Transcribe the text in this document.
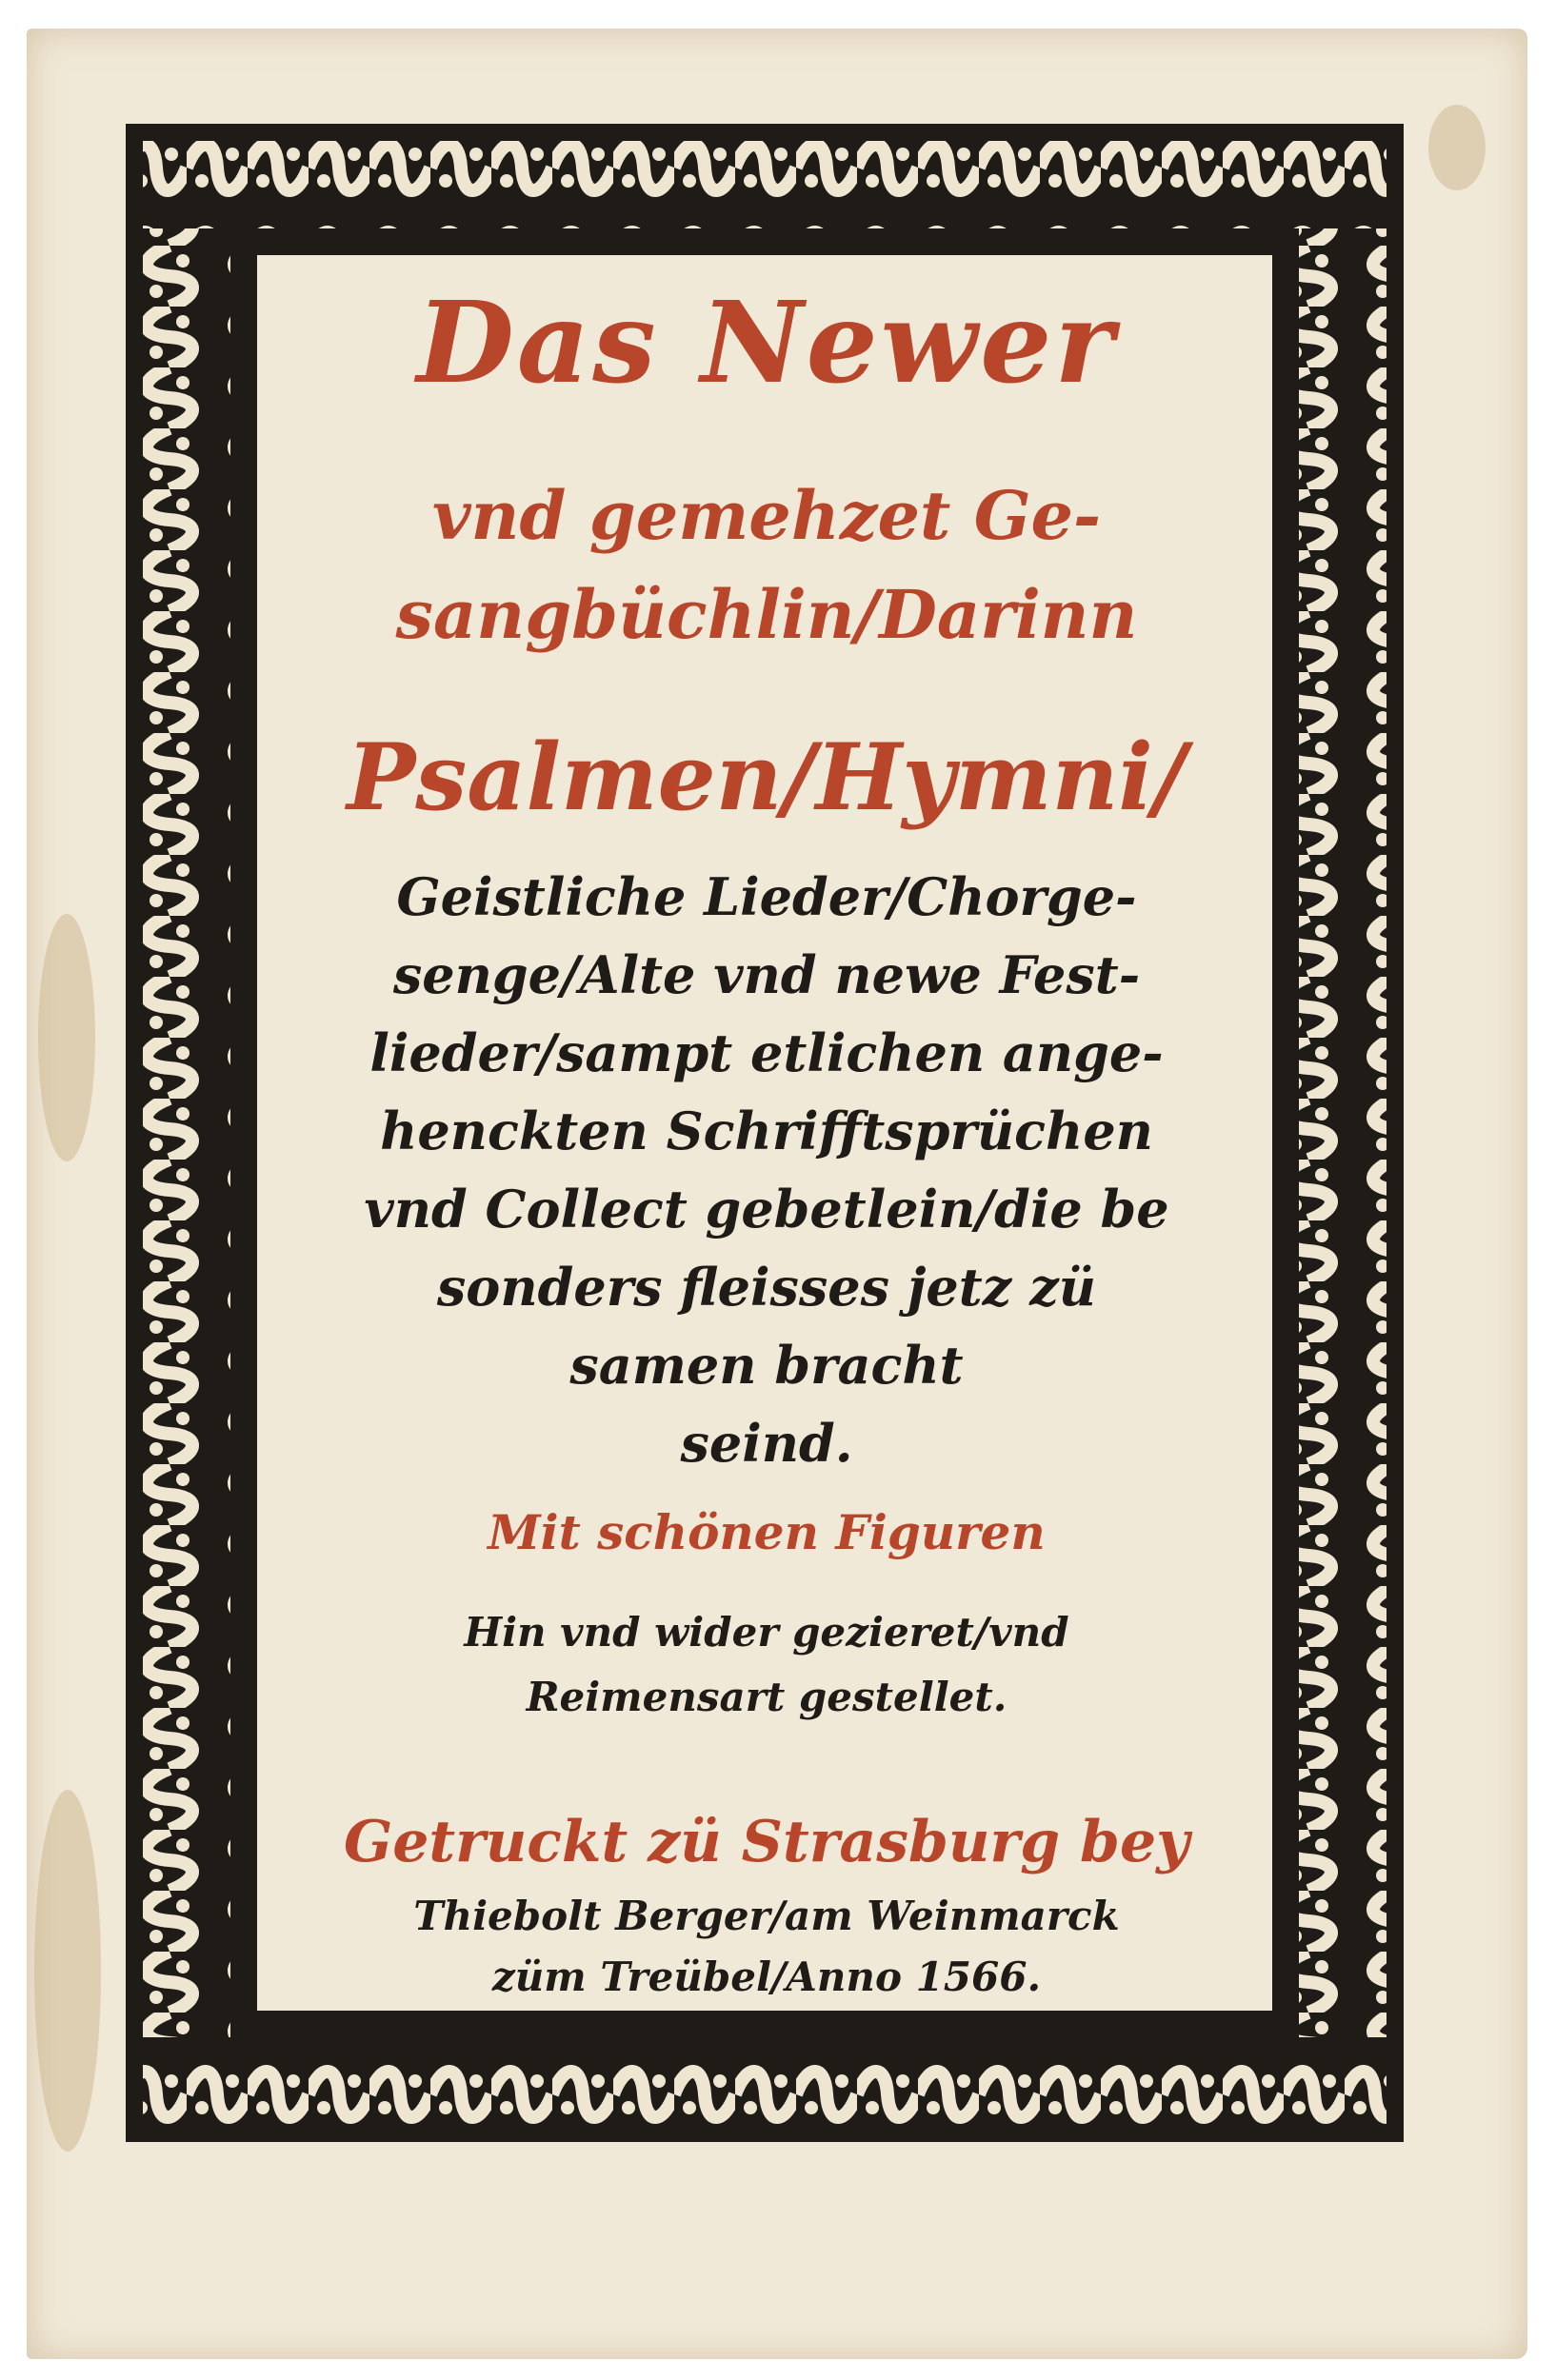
Das Newer
vnd gemehzet Ge-
sangbüchlin/Darinn
Psalmen/Hymni/
Geistliche Lieder/Chorge-
senge/Alte vnd newe Fest-
lieder/sampt etlichen ange-
henckten Schrifftsprüchen
vnd Collect gebetlein/die be
sonders fleisses jetz zü
samen bracht
seind.
Mit schönen Figuren
Hin vnd wider gezieret/vnd
Reimensart gestellet.
Getruckt zü Strasburg bey
Thiebolt Berger/am Weinmarck
züm Treübel/Anno 1566.
